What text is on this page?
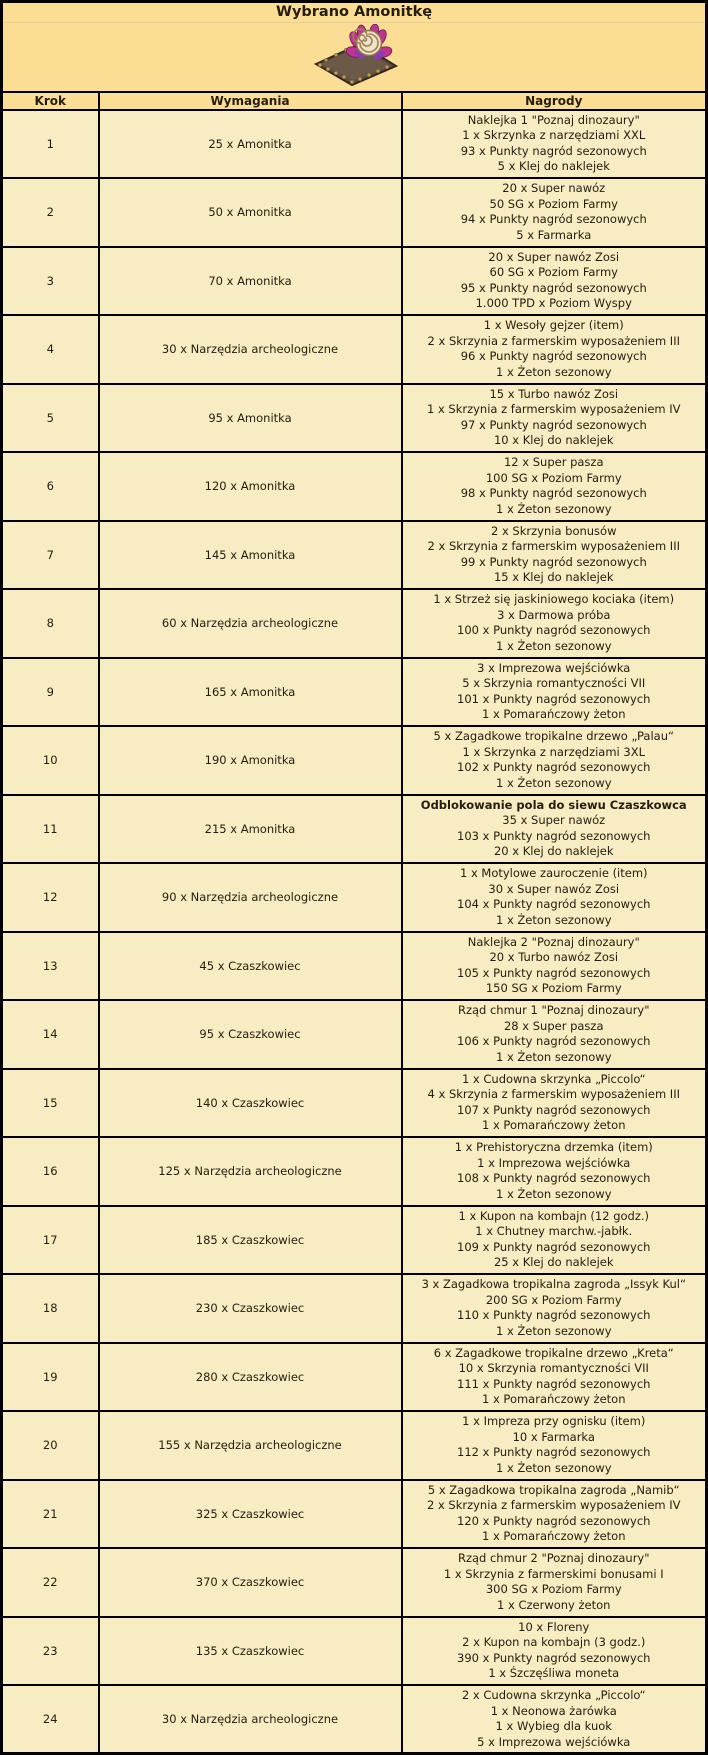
Wybrano Amonitkę		

Krok	Wymagania	Nagrody
1	25 x Amonitka	Naklejka 1 "Poznaj dinozaury"
1 x Skrzynka z narzędziami XXL
93 x Punkty nagród sezonowych
5 x Klej do naklejek

2	50 x Amonitka	20 x Super nawóz
50 SG x Poziom Farmy
94 x Punkty nagród sezonowych
5 x Farmarka

3	70 x Amonitka	20 x Super nawóz Zosi
60 SG x Poziom Farmy
95 x Punkty nagród sezonowych
1.000 TPD x Poziom Wyspy

4	30 x Narzędzia archeologiczne	1 x Wesoły gejzer (item)
2 x Skrzynia z farmerskim wyposażeniem III
96 x Punkty nagród sezonowych
1 x Żeton sezonowy

5	95 x Amonitka	15 x Turbo nawóz Zosi
1 x Skrzynia z farmerskim wyposażeniem IV
97 x Punkty nagród sezonowych
10 x Klej do naklejek

6	120 x Amonitka	12 x Super pasza
100 SG x Poziom Farmy
98 x Punkty nagród sezonowych
1 x Żeton sezonowy

7	145 x Amonitka	2 x Skrzynia bonusów
2 x Skrzynia z farmerskim wyposażeniem III
99 x Punkty nagród sezonowych
15 x Klej do naklejek

8	60 x Narzędzia archeologiczne	1 x Strzeż się jaskiniowego kociaka (item)
3 x Darmowa próba
100 x Punkty nagród sezonowych
1 x Żeton sezonowy

9	165 x Amonitka	3 x Imprezowa wejściówka
5 x Skrzynia romantyczności VII
101 x Punkty nagród sezonowych
1 x Pomarańczowy żeton

10	190 x Amonitka	5 x Zagadkowe tropikalne drzewo „Palau“
1 x Skrzynka z narzędziami 3XL
102 x Punkty nagród sezonowych
1 x Żeton sezonowy

11	215 x Amonitka	Odblokowanie pola do siewu Czaszkowca
35 x Super nawóz
103 x Punkty nagród sezonowych
20 x Klej do naklejek

12	90 x Narzędzia archeologiczne	1 x Motylowe zauroczenie (item)
30 x Super nawóz Zosi
104 x Punkty nagród sezonowych
1 x Żeton sezonowy

13	45 x Czaszkowiec	Naklejka 2 "Poznaj dinozaury"
20 x Turbo nawóz Zosi
105 x Punkty nagród sezonowych
150 SG x Poziom Farmy

14	95 x Czaszkowiec	Rząd chmur 1 "Poznaj dinozaury"
28 x Super pasza
106 x Punkty nagród sezonowych
1 x Żeton sezonowy

15	140 x Czaszkowiec	1 x Cudowna skrzynka „Piccolo“
4 x Skrzynia z farmerskim wyposażeniem III
107 x Punkty nagród sezonowych
1 x Pomarańczowy żeton

16	125 x Narzędzia archeologiczne	1 x Prehistoryczna drzemka (item)
1 x Imprezowa wejściówka
108 x Punkty nagród sezonowych
1 x Żeton sezonowy

17	185 x Czaszkowiec	1 x Kupon na kombajn (12 godz.)
1 x Chutney marchw.-jabłk.
109 x Punkty nagród sezonowych
25 x Klej do naklejek

18	230 x Czaszkowiec	3 x Zagadkowa tropikalna zagroda „Issyk Kul“
200 SG x Poziom Farmy
110 x Punkty nagród sezonowych
1 x Żeton sezonowy

19	280 x Czaszkowiec	6 x Zagadkowe tropikalne drzewo „Kreta“
10 x Skrzynia romantyczności VII
111 x Punkty nagród sezonowych
1 x Pomarańczowy żeton

20	155 x Narzędzia archeologiczne	1 x Impreza przy ognisku (item)
10 x Farmarka
112 x Punkty nagród sezonowych
1 x Żeton sezonowy

21	325 x Czaszkowiec	5 x Zagadkowa tropikalna zagroda „Namib“
2 x Skrzynia z farmerskim wyposażeniem IV
120 x Punkty nagród sezonowych
1 x Pomarańczowy żeton

22	370 x Czaszkowiec	Rząd chmur 2 "Poznaj dinozaury"
1 x Skrzynia z farmerskimi bonusami I
300 SG x Poziom Farmy
1 x Czerwony żeton

23	135 x Czaszkowiec	10 x Floreny
2 x Kupon na kombajn (3 godz.)
390 x Punkty nagród sezonowych
1 x Śzczęśliwa moneta

24	30 x Narzędzia archeologiczne	2 x Cudowna skrzynka „Piccolo“
1 x Neonowa żarówka
1 x Wybieg dla kuok
5 x Imprezowa wejściówka
